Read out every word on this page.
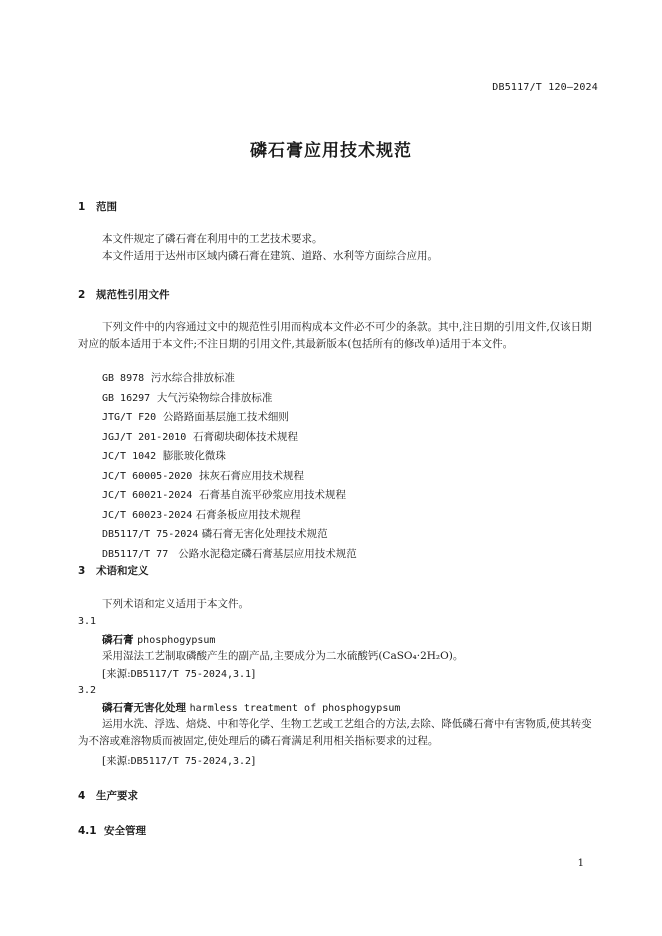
DB5117/T 120—2024
磷石膏应用技术规范
1 范围
本文件规定了磷石膏在利用中的工艺技术要求。
本文件适用于达州市区域内磷石膏在建筑、道路、水利等方面综合应用。
2 规范性引用文件
下列文件中的内容通过文中的规范性引用而构成本文件必不可少的条款。其中,注日期的引用文件,仅该日期对应的版本适用于本文件;不注日期的引用文件,其最新版本(包括所有的修改单)适用于本文件。
GB 8978 污水综合排放标准
GB 16297 大气污染物综合排放标准
JTG/T F20 公路路面基层施工技术细则
JGJ/T 201-2010 石膏砌块砌体技术规程
JC/T 1042 膨胀玻化微珠
JC/T 60005-2020 抹灰石膏应用技术规程
JC/T 60021-2024 石膏基自流平砂浆应用技术规程
JC/T 60023-2024 石膏条板应用技术规程
DB5117/T 75-2024 磷石膏无害化处理技术规范
DB5117/T 77 公路水泥稳定磷石膏基层应用技术规范
3 术语和定义
下列术语和定义适用于本文件。
3.1
磷石膏 phosphogypsum
采用湿法工艺制取磷酸产生的副产品,主要成分为二水硫酸钙(CaSO₄·2H₂O)。
[来源:DB5117/T 75-2024,3.1]
3.2
磷石膏无害化处理 harmless treatment of phosphogypsum
运用水洗、浮选、焙烧、中和等化学、生物工艺或工艺组合的方法,去除、降低磷石膏中有害物质,使其转变为不溶或难溶物质而被固定,使处理后的磷石膏满足利用相关指标要求的过程。
[来源:DB5117/T 75-2024,3.2]
4 生产要求
4.1 安全管理
1
